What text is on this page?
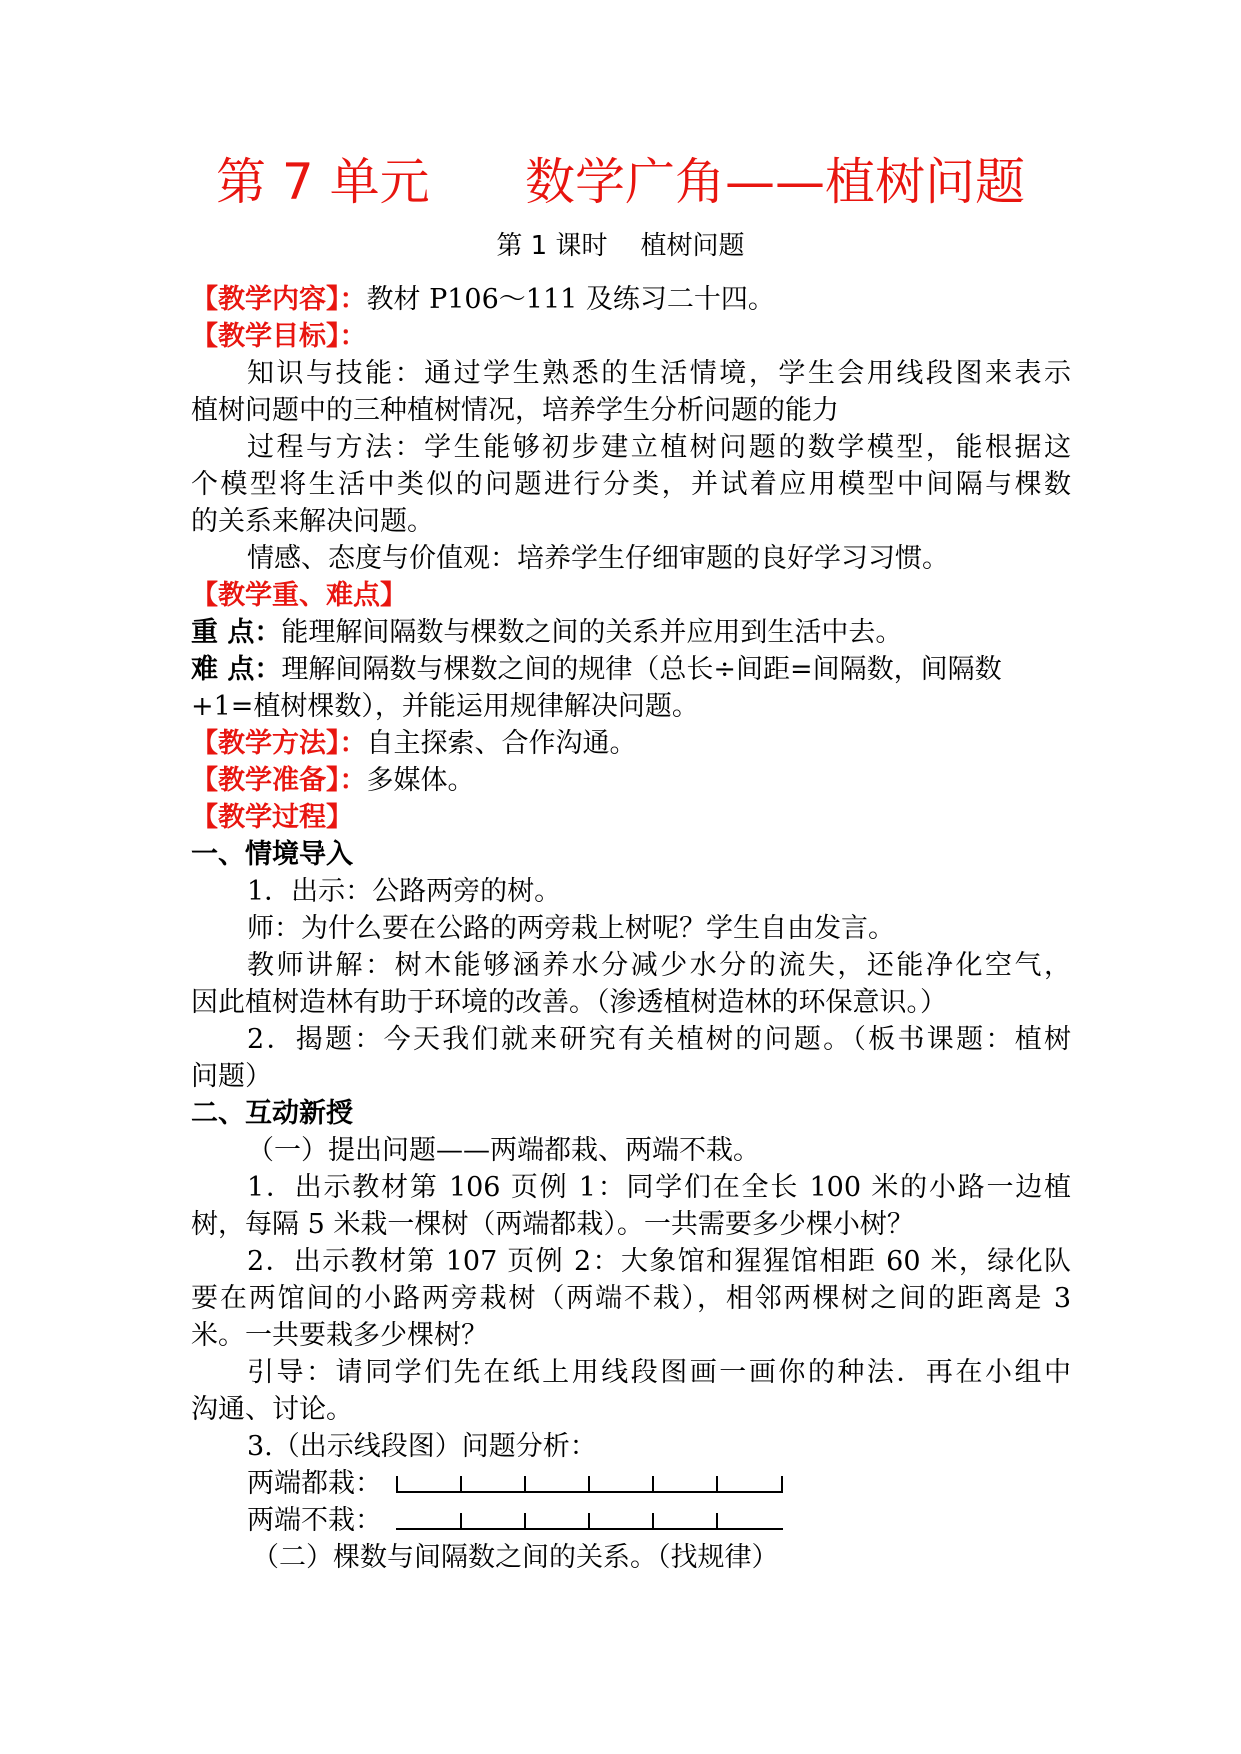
第 7 单元      数学广角——植树问题
第 1 课时    植树问题
【教学内容】：教材 P106～111 及练习二十四。
【教学目标】：
知识与技能：通过学生熟悉的生活情境，学生会用线段图来表示
植树问题中的三种植树情况，培养学生分析问题的能力
过程与方法：学生能够初步建立植树问题的数学模型，能根据这
个模型将生活中类似的问题进行分类，并试着应用模型中间隔与棵数
的关系来解决问题。
情感、态度与价值观：培养学生仔细审题的良好学习习惯。
【教学重、难点】
重 点：能理解间隔数与棵数之间的关系并应用到生活中去。
难 点：理解间隔数与棵数之间的规律（总长÷间距=间隔数，间隔数
+1=植树棵数），并能运用规律解决问题。
【教学方法】：自主探索、合作沟通。
【教学准备】：多媒体。
【教学过程】
一、情境导入
1．出示：公路两旁的树。
师：为什么要在公路的两旁栽上树呢？学生自由发言。
教师讲解：树木能够涵养水分减少水分的流失，还能净化空气，
因此植树造林有助于环境的改善。（渗透植树造林的环保意识。）
2．揭题：今天我们就来研究有关植树的问题。（板书课题：植树
问题）
二、互动新授
（一）提出问题——两端都栽、两端不栽。
1．出示教材第 106 页例 1：同学们在全长 100 米的小路一边植
树，每隔 5 米栽一棵树（两端都栽）。一共需要多少棵小树？
2．出示教材第 107 页例 2：大象馆和猩猩馆相距 60 米，绿化队
要在两馆间的小路两旁栽树（两端不栽），相邻两棵树之间的距离是 3
米。一共要栽多少棵树？
引导：请同学们先在纸上用线段图画一画你的种法．再在小组中
沟通、讨论。
3.（出示线段图）问题分析：
两端都栽：
两端不栽：
（二）棵数与间隔数之间的关系。（找规律）
